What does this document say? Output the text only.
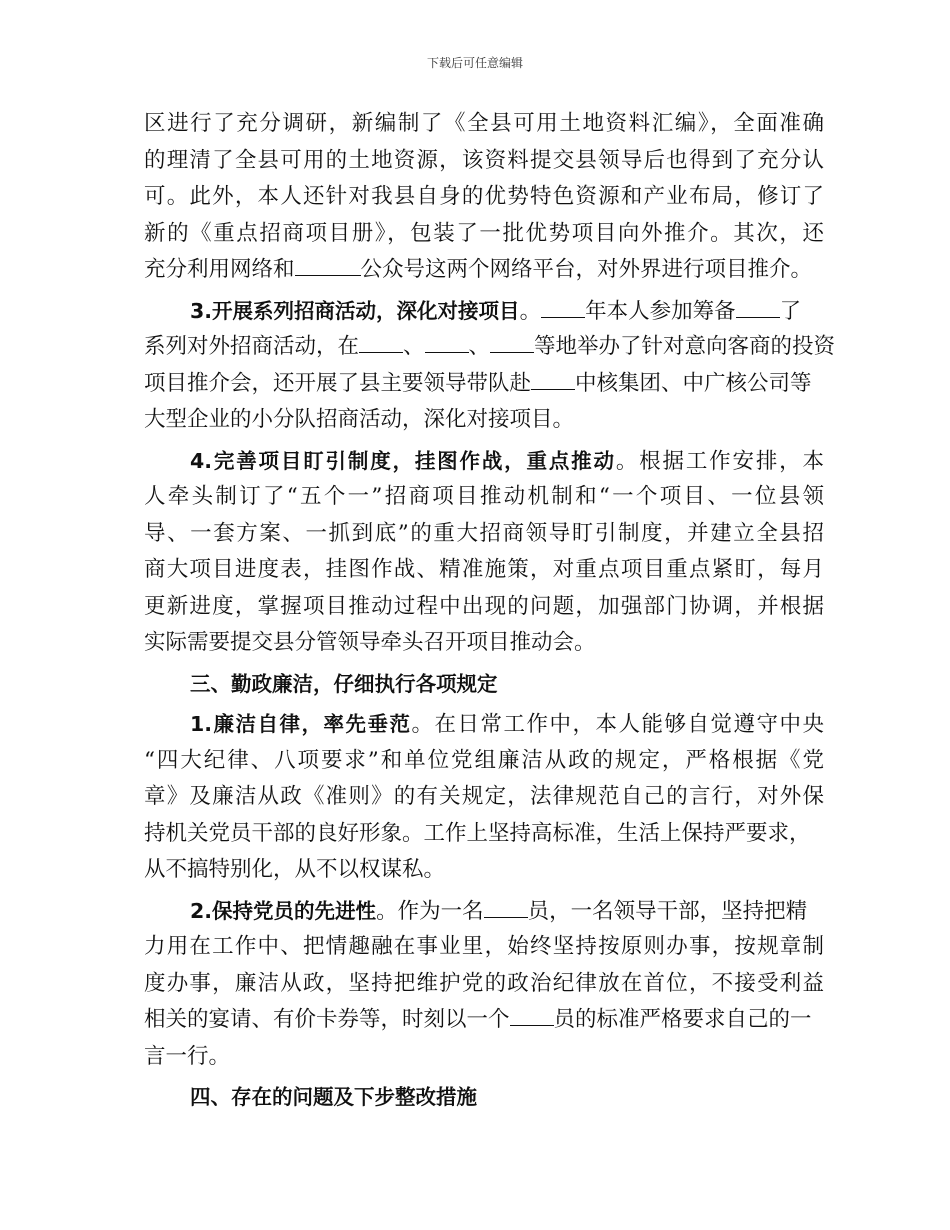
下载后可任意编辑
区进行了充分调研，新编制了《全县可用土地资料汇编》，全面准确
的理清了全县可用的土地资源，该资料提交县领导后也得到了充分认
可。此外，本人还针对我县自身的优势特色资源和产业布局，修订了
新的《重点招商项目册》，包装了一批优势项目向外推介。其次，还
充分利用网络和	公众号这两个网络平台，对外界进行项目推介。
3.开展系列招商活动，深化对接项目。 年本人参加筹备 了
系列对外招商活动，在 、 、 等地举办了针对意向客商的投资
项目推介会，还开展了县主要领导带队赴 中核集团、中广核公司等
大型企业的小分队招商活动，深化对接项目。
4.完善项目盯引制度，挂图作战，重点推动。根据工作安排，本
人牵头制订了“五个一”招商项目推动机制和“一个项目、一位县领
导、一套方案、一抓到底”的重大招商领导盯引制度，并建立全县招
商大项目进度表，挂图作战、精准施策，对重点项目重点紧盯，每月
更新进度，掌握项目推动过程中出现的问题，加强部门协调，并根据
实际需要提交县分管领导牵头召开项目推动会。
三、勤政廉洁，仔细执行各项规定
1.廉洁自律，率先垂范。在日常工作中，本人能够自觉遵守中央
“四大纪律、八项要求”和单位党组廉洁从政的规定，严格根据《党
章》及廉洁从政《准则》的有关规定，法律规范自己的言行，对外保
持机关党员干部的良好形象。工作上坚持高标准，生活上保持严要求，
从不搞特别化，从不以权谋私。
2.保持党员的先进性。作为一名 员，一名领导干部，坚持把精
力用在工作中、把情趣融在事业里，始终坚持按原则办事，按规章制
度办事，廉洁从政，坚持把维护党的政治纪律放在首位，不接受利益
相关的宴请、有价卡券等，时刻以一个 员的标准严格要求自己的一
言一行。
四、存在的问题及下步整改措施
